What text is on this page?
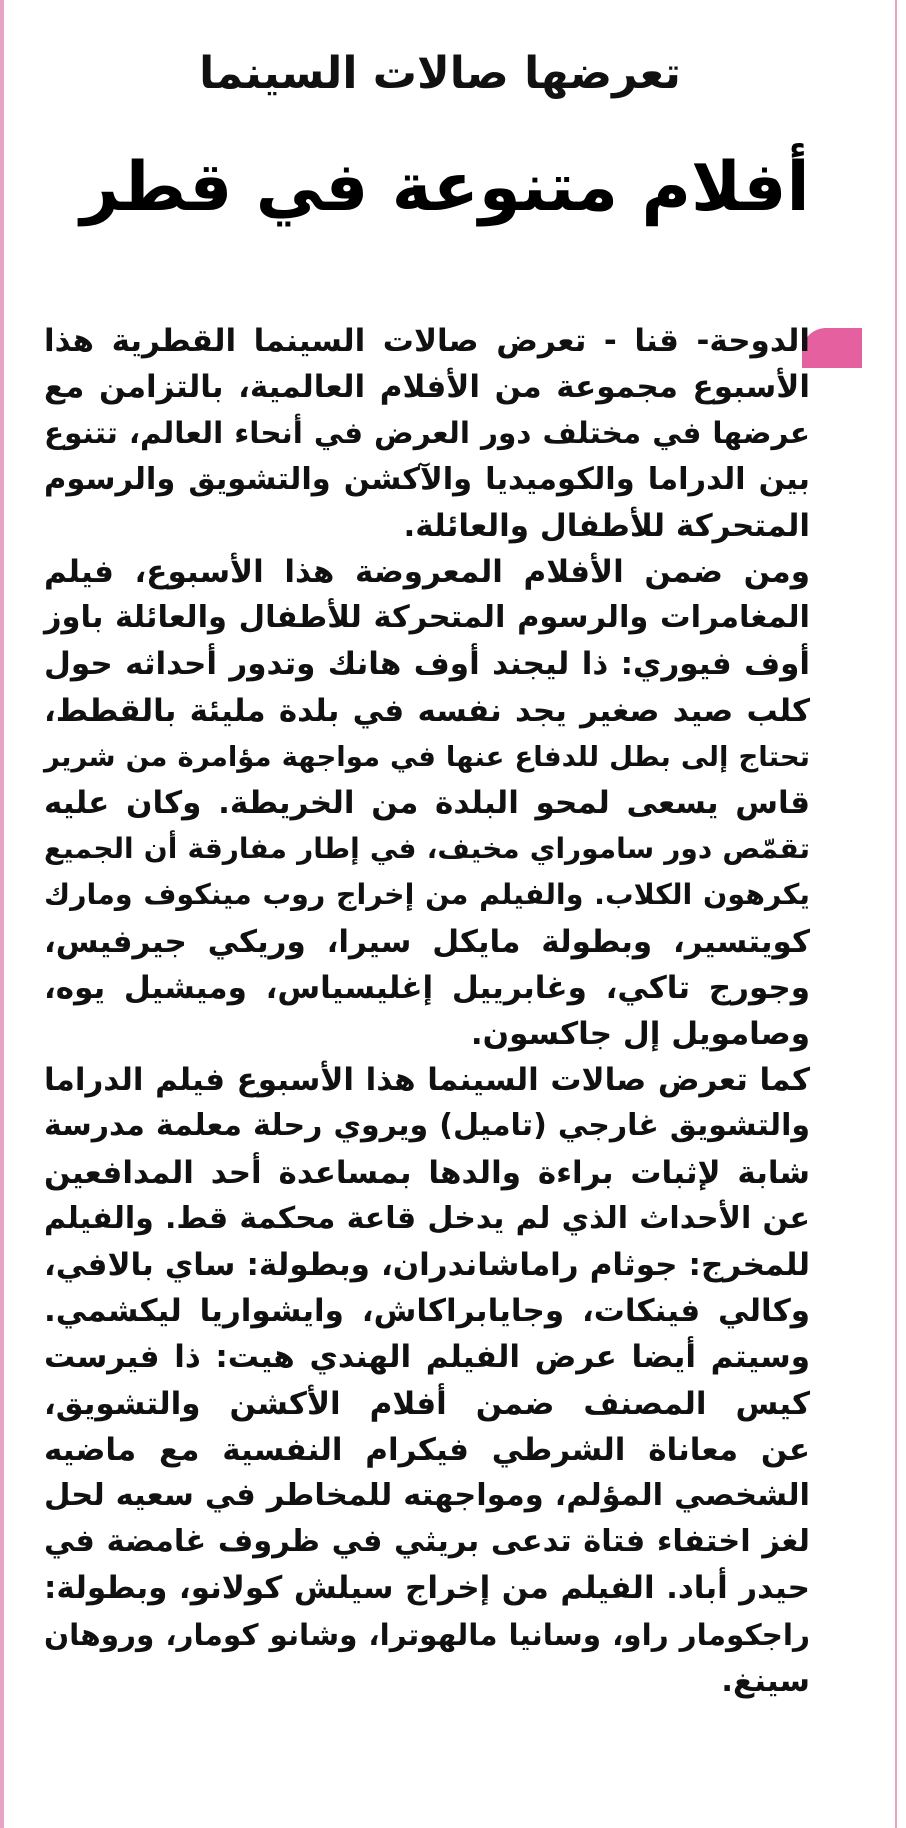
تعرضها صالات السينما
أفلام متنوعة في قطر
الدوحة- قنا - تعرض صالات السينما القطرية هذا
الأسبوع مجموعة من الأفلام العالمية، بالتزامن مع
عرضها في مختلف دور العرض في أنحاء العالم، تتنوع
بين الدراما والكوميديا والآكشن والتشويق والرسوم
المتحركة للأطفال والعائلة.
ومن ضمن الأفلام المعروضة هذا الأسبوع، فيلم
المغامرات والرسوم المتحركة للأطفال والعائلة باوز
أوف فيوري: ذا ليجند أوف هانك وتدور أحداثه حول
كلب صيد صغير يجد نفسه في بلدة مليئة بالقطط،
تحتاج إلى بطل للدفاع عنها في مواجهة مؤامرة من شرير
قاس يسعى لمحو البلدة من الخريطة. وكان عليه
تقمّص دور ساموراي مخيف، في إطار مفارقة أن الجميع
يكرهون الكلاب. والفيلم من إخراج روب مينكوف ومارك
كويتسير، وبطولة مايكل سيرا، وريكي جيرفيس،
وجورج تاكي، وغابرييل إغليسياس، وميشيل يوه،
وصامويل إل جاكسون.
كما تعرض صالات السينما هذا الأسبوع فيلم الدراما
والتشويق غارجي (تاميل) ويروي رحلة معلمة مدرسة
شابة لإثبات براءة والدها بمساعدة أحد المدافعين
عن الأحداث الذي لم يدخل قاعة محكمة قط. والفيلم
للمخرج: جوثام راماشاندران، وبطولة: ساي بالافي،
وكالي فينكات، وجايابراكاش، وايشواريا ليكشمي.
وسيتم أيضا عرض الفيلم الهندي هيت: ذا فيرست
كيس المصنف ضمن أفلام الأكشن والتشويق،
عن معاناة الشرطي فيكرام النفسية مع ماضيه
الشخصي المؤلم، ومواجهته للمخاطر في سعيه لحل
لغز اختفاء فتاة تدعى بريثي في ظروف غامضة في
حيدر أباد. الفيلم من إخراج سيلش كولانو، وبطولة:
راجكومار راو، وسانيا مالهوترا، وشانو كومار، وروهان
سينغ.
